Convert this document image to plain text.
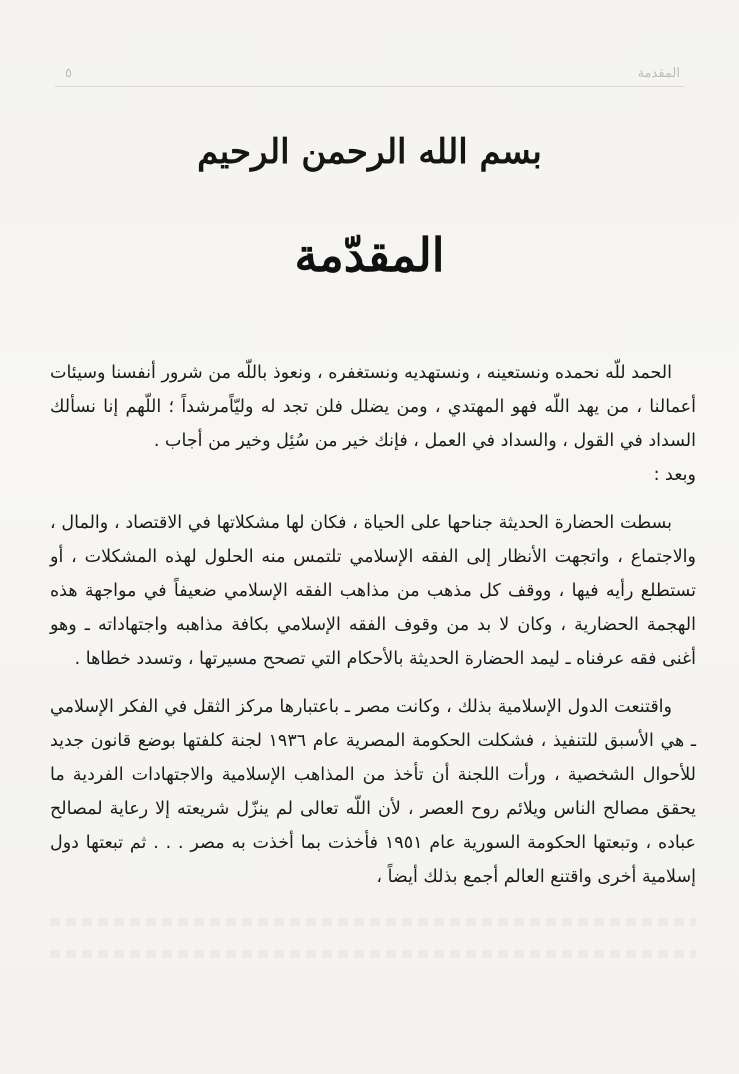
٥	المقدمة
بسم الله الرحمن الرحيم
المقدّمة

الحمد للّه نحمده ونستعينه ، ونستهديه ونستغفره ، ونعوذ باللّه من شرور أنفسنا وسيئات أعمالنا ، من يهد اللّه فهو المهتدي ، ومن يضلل فلن تجد له وليّاًمرشداً ؛ اللّهم إنا نسألك السداد في القول ، والسداد في العمل ، فإنك خير من سُئِل وخير من أجاب .

وبعد :

بسطت الحضارة الحديثة جناحها على الحياة ، فكان لها مشكلاتها في الاقتصاد ، والمال ، والاجتماع ، واتجهت الأنظار إلى الفقه الإسلامي تلتمس منه الحلول لهذه المشكلات ، أو تستطلع رأيه فيها ، ووقف كل مذهب من مذاهب الفقه الإسلامي ضعيفاً في مواجهة هذه الهجمة الحضارية ، وكان لا بد من وقوف الفقه الإسلامي بكافة مذاهبه واجتهاداته ـ وهو أغنى فقه عرفناه ـ ليمد الحضارة الحديثة بالأحكام التي تصحح مسيرتها ، وتسدد خطاها .

واقتنعت الدول الإسلامية بذلك ، وكانت مصر ـ باعتبارها مركز الثقل في الفكر الإسلامي ـ هي الأسبق للتنفيذ ، فشكلت الحكومة المصرية عام ١٩٣٦ لجنة كلفتها بوضع قانون جديد للأحوال الشخصية ، ورأت اللجنة أن تأخذ من المذاهب الإسلامية والاجتهادات الفردية ما يحقق مصالح الناس ويلائم روح العصر ، لأن اللّه تعالى لم ينزّل شريعته إلا رعاية لمصالح عباده ، وتبعتها الحكومة السورية عام ١٩٥١ فأخذت بما أخذت به مصر . . . ثم تبعتها دول إسلامية أخرى واقتنع العالم أجمع بذلك أيضاً ،
